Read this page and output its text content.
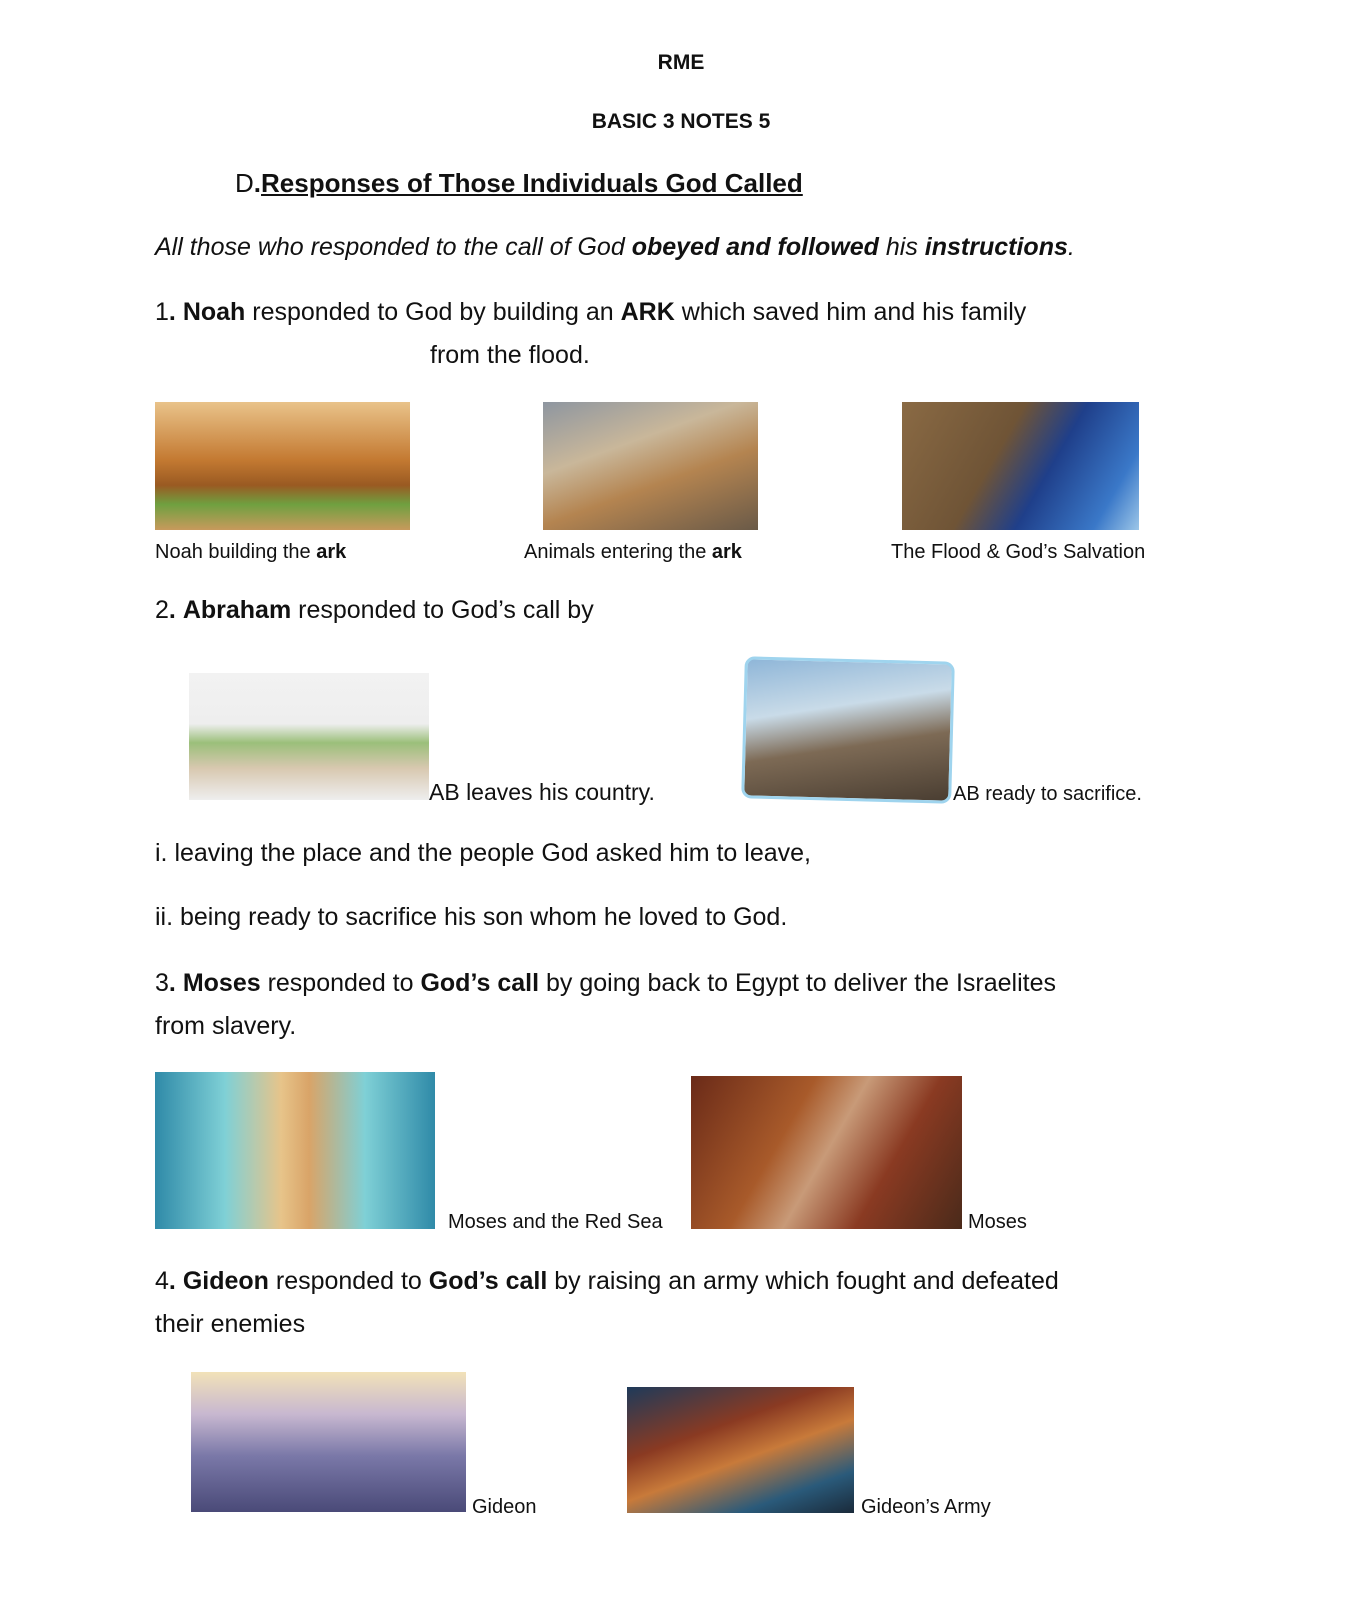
RME
BASIC 3 NOTES 5
D.Responses of Those Individuals God Called
All those who responded to the call of God obeyed and followed his instructions.
1. Noah responded to God by building an ARK which saved him and his family
from the flood.
Noah building the ark	Animals entering the ark	The Flood & God’s Salvation
2. Abraham responded to God’s call by
AB leaves his country.	AB ready to sacrifice.
i. leaving the place and the people God asked him to leave,
ii. being ready to sacrifice his son whom he loved to God.
3. Moses responded to God’s call by going back to Egypt to deliver the Israelites
from slavery.
Moses and the Red Sea	Moses
4. Gideon responded to God’s call by raising an army which fought and defeated
their enemies
Gideon	Gideon’s Army
